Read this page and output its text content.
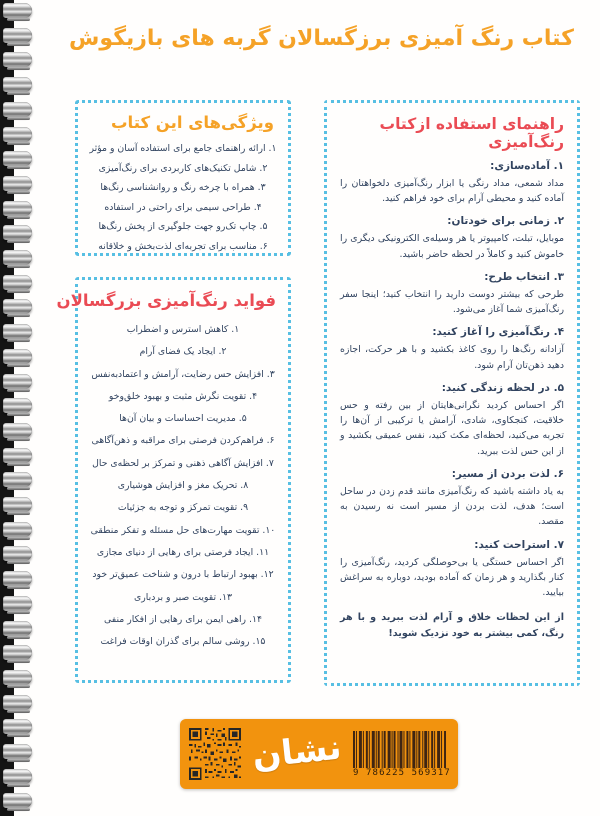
کتاب رنگ آمیزی برزگسالان گربه های بازیگوش
راهنمای استفاده ازکتاب رنگ‌آمیزی
۱. آماده‌سازی:

مداد شمعی، مداد رنگی یا ابزار رنگ‌آمیزی دلخواهتان را آماده کنید و محیطی آرام برای خود فراهم کنید.

۲. زمانی برای خودتان:

موبایل، تبلت، کامپیوتر یا هر وسیله‌ی الکترونیکی دیگری را خاموش کنید و کاملاً در لحظه حاضر باشید.

۳. انتخاب طرح:

طرحی که بیشتر دوست دارید را انتخاب کنید؛ اینجا سفر رنگ‌آمیزی شما آغاز می‌شود.

۴. رنگ‌آمیزی را آغاز کنید:

آزادانه رنگ‌ها را روی کاغذ بکشید و با هر حرکت، اجازه دهید ذهن‌تان آرام شود.

۵. در لحظه زندگی کنید:

اگر احساس کردید نگرانی‌هایتان از بین رفته و حس خلاقیت، کنجکاوی، شادی، آرامش یا ترکیبی از آن‌ها را تجربه می‌کنید، لحظه‌ای مکث کنید، نفس عمیقی بکشید و از این حس لذت ببرید.

۶. لذت بردن از مسیر:

به یاد داشته باشید که رنگ‌آمیزی مانند قدم زدن در ساحل است؛ هدف، لذت بردن از مسیر است نه رسیدن به مقصد.

۷. استراحت کنید:

اگر احساس خستگی یا بی‌حوصلگی کردید، رنگ‌آمیزی را کنار بگذارید و هر زمان که آماده بودید، دوباره به سراغش بیایید.

از این لحظات خلاق و آرام لذت ببرید و با هر رنگ، کمی بیشتر به خود نزدیک شوید!

ویژگی‌های این کتاب
۱. ارائه راهنمای جامع برای استفاده آسان و مؤثر
۲. شامل تکنیک‌های کاربردی برای رنگ‌آمیزی
۳. همراه با چرخه رنگ و روانشناسی رنگ‌ها
۴. طراحی سیمی برای راحتی در استفاده
۵. چاپ تک‌رو جهت جلوگیری از پخش رنگ‌ها
۶. مناسب برای تجربه‌ای لذت‌بخش و خلاقانه
فواید رنگ‌آمیزی بزرگسالان
۱. کاهش استرس و اضطراب
۲. ایجاد یک فضای آرام
۳. افزایش حس رضایت، آرامش و اعتمادبه‌نفس
۴. تقویت نگرش مثبت و بهبود خلق‌وخو
۵. مدیریت احساسات و بیان آن‌ها
۶. فراهم‌کردن فرصتی برای مراقبه و ذهن‌آگاهی
۷. افزایش آگاهی ذهنی و تمرکز بر لحظه‌ی حال
۸. تحریک مغز و افزایش هوشیاری
۹. تقویت تمرکز و توجه به جزئیات
۱۰. تقویت مهارت‌های حل مسئله و تفکر منطقی
۱۱. ایجاد فرصتی برای رهایی از دنیای مجازی
۱۲. بهبود ارتباط با درون و شناخت عمیق‌تر خود
۱۳. تقویت صبر و بردباری
۱۴. راهی ایمن برای رهایی از افکار منفی
۱۵. روشی سالم برای گذران اوقات فراغت
نشان	9 786225 569317
